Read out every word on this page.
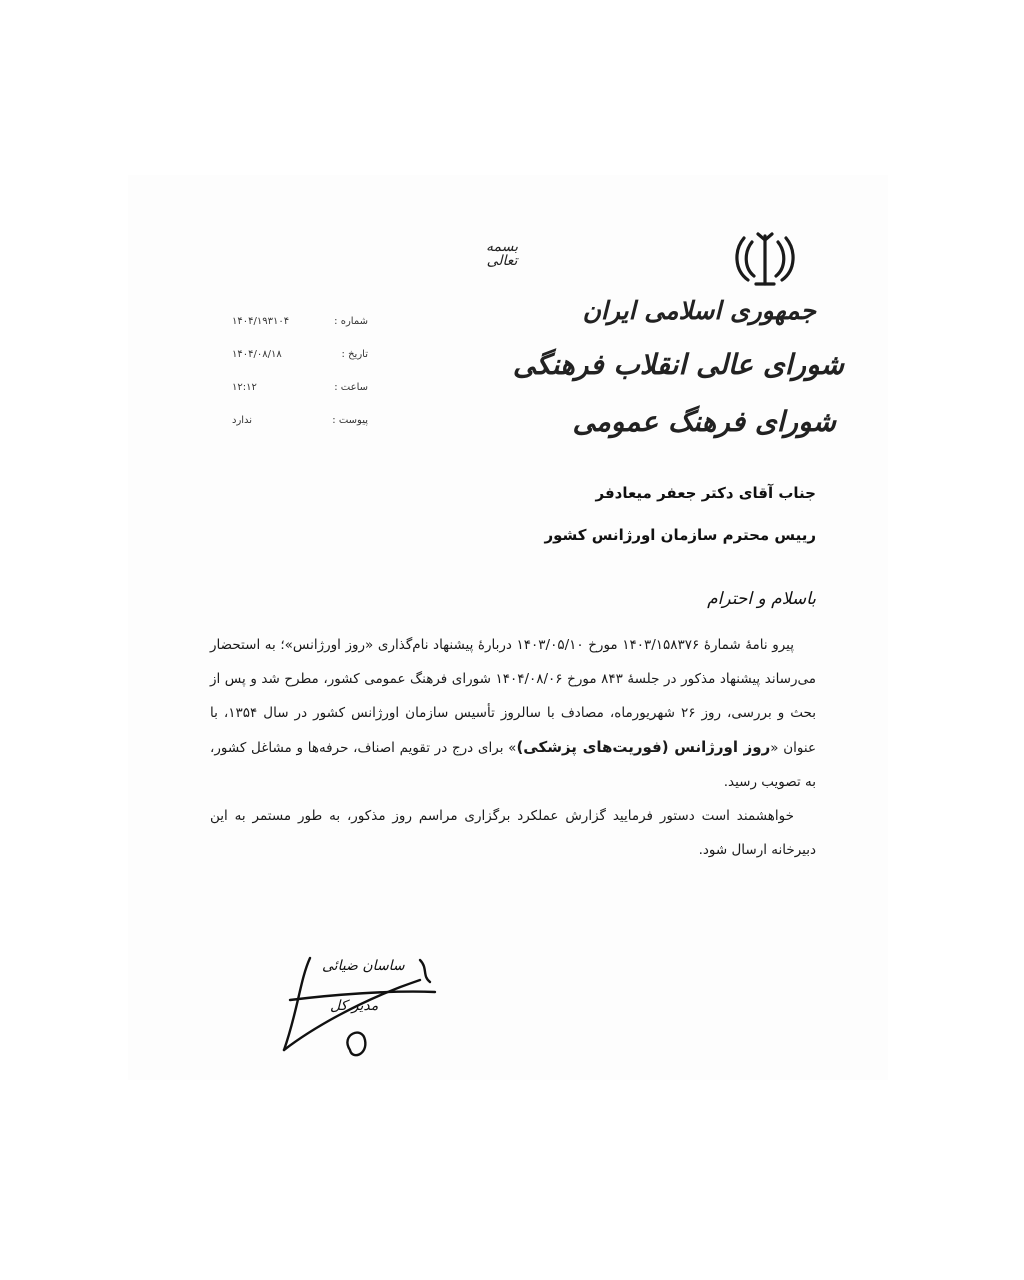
جمهوری اسلامی ایران
شورای عالی انقلاب فرهنگی
شورای فرهنگ عمومی
بسمه تعالی
شماره :
۱۴۰۴/۱۹۳۱۰۴
تاریخ :
۱۴۰۴/۰۸/۱۸
ساعت :
۱۲:۱۲
پیوست :
ندارد
جناب آقای دکتر جعفر میعادفر
رییس محترم سازمان اورژانس کشور
باسلام و احترام

پیرو نامهٔ شمارهٔ ۱۴۰۳/۱۵۸۳۷۶ مورخ ۱۴۰۳/۰۵/۱۰ دربارهٔ پیشنهاد نام‌گذاری «روز اورژانس»؛ به استحضار می‌رساند پیشنهاد مذکور در جلسهٔ ۸۴۳ مورخ ۱۴۰۴/۰۸/۰۶ شورای فرهنگ عمومی کشور، مطرح شد و پس از بحث و بررسی، روز ۲۶ شهریورماه، مصادف با سالروز تأسیس سازمان اورژانس کشور در سال ۱۳۵۴، با عنوان «روز اورژانس (فوریت‌های پزشکی)» برای درج در تقویم اصناف، حرفه‌ها و مشاغل کشور، به تصویب رسید.

خواهشمند است دستور فرمایید گزارش عملکرد برگزاری مراسم روز مذکور، به طور مستمر به این دبیرخانه ارسال شود.

ساسان ضیائی
مدیر کل
